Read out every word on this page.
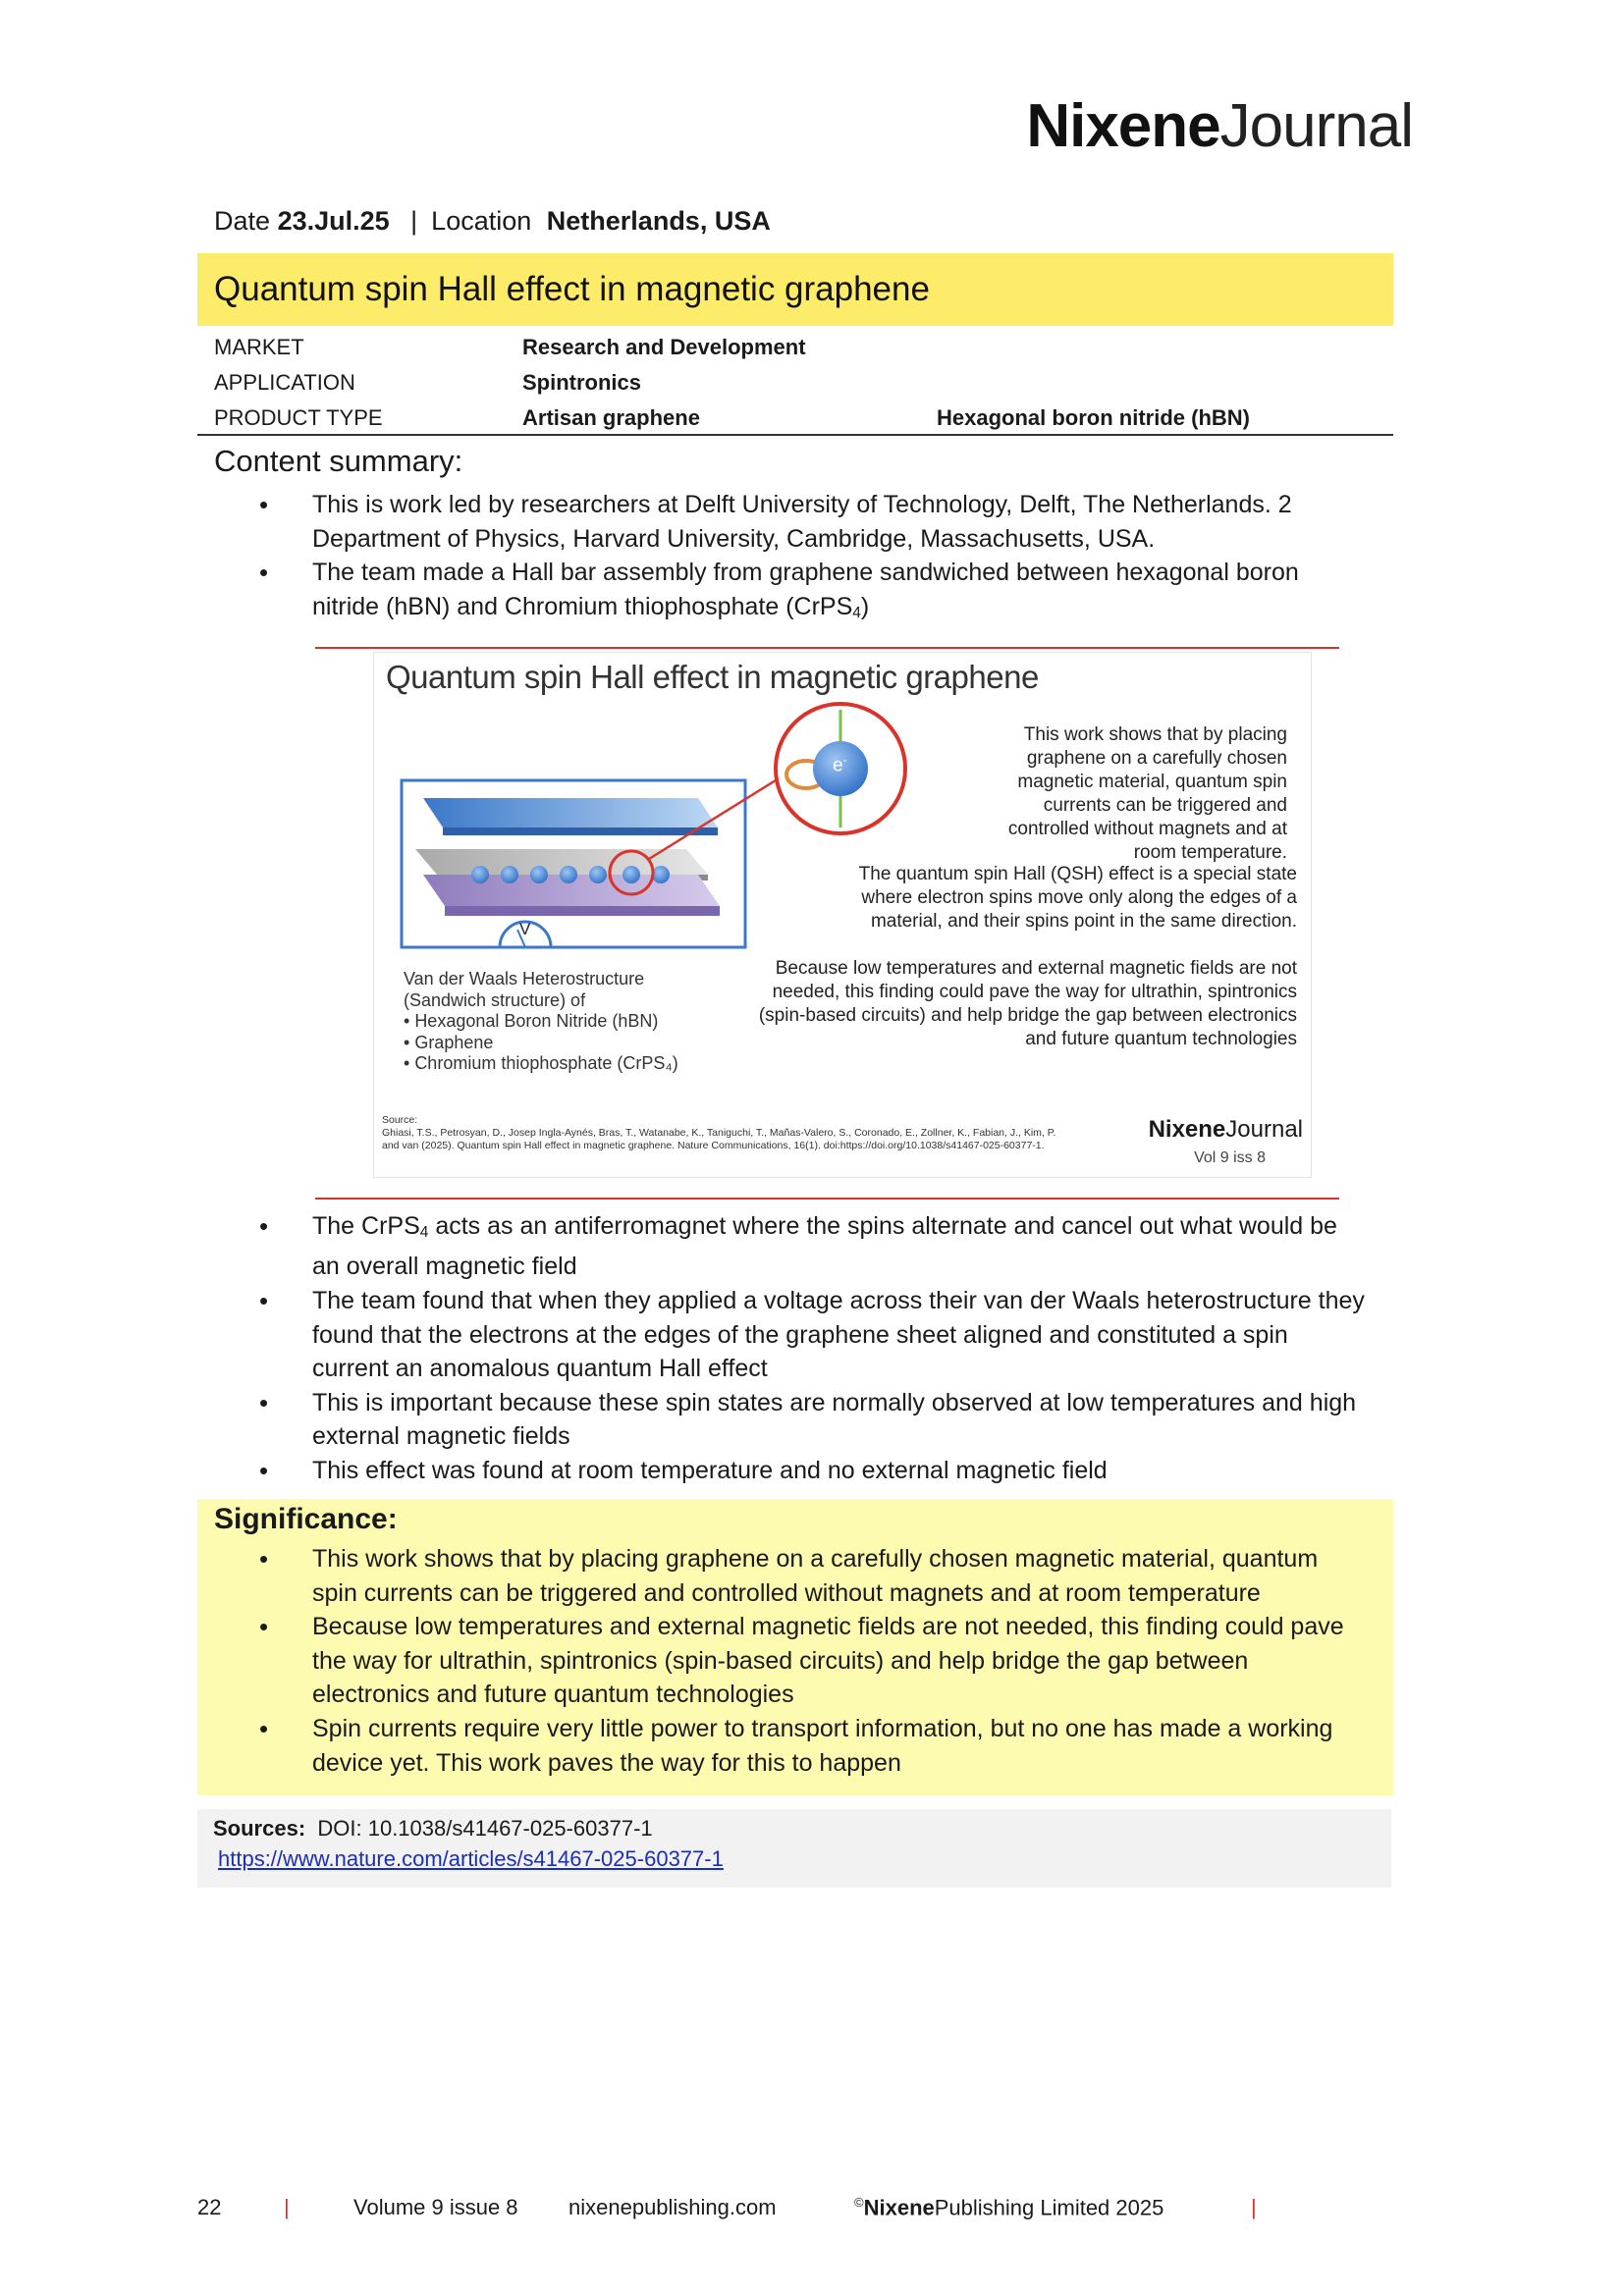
NixeneJournal
Date 23.Jul.25 | Location Netherlands, USA
Quantum spin Hall effect in magnetic graphene
MARKET	Research and Development
APPLICATION	Spintronics
PRODUCT TYPE	Artisan graphene	Hexagonal boron nitride (hBN)
Content summary:
• This is work led by researchers at Delft University of Technology, Delft, The Netherlands. 2 Department of Physics, Harvard University, Cambridge, Massachusetts, USA.
• The team made a Hall bar assembly from graphene sandwiched between hexagonal boron nitride (hBN) and Chromium thiophosphate (CrPS$_4$)
Quantum spin Hall effect in magnetic graphene
e-
V
This work shows that by placing graphene on a carefully chosen magnetic material, quantum spin currents can be triggered and controlled without magnets and at room temperature.
The quantum spin Hall (QSH) effect is a special state where electron spins move only along the edges of a material, and their spins point in the same direction.
Because low temperatures and external magnetic fields are not needed, this finding could pave the way for ultrathin, spintronics (spin-based circuits) and help bridge the gap between electronics and future quantum technologies
Van der Waals Heterostructure
(Sandwich structure) of
• Hexagonal Boron Nitride (hBN)
• Graphene
• Chromium thiophosphate (CrPS₄)
Source:
Ghiasi, T.S., Petrosyan, D., Josep Ingla-Aynés, Bras, T., Watanabe, K., Taniguchi, T., Mañas-Valero, S., Coronado, E., Zollner, K., Fabian, J., Kim, P. and van (2025). Quantum spin Hall effect in magnetic graphene. Nature Communications, 16(1). doi:https://doi.org/10.1038/s41467-025-60377-1.
NixeneJournal
Vol 9 iss 8
• The CrPS$_4$ acts as an antiferromagnet where the spins alternate and cancel out what would be an overall magnetic field
• The team found that when they applied a voltage across their van der Waals heterostructure they found that the electrons at the edges of the graphene sheet aligned and constituted a spin current an anomalous quantum Hall effect
• This is important because these spin states are normally observed at low temperatures and high external magnetic fields
• This effect was found at room temperature and no external magnetic field
Significance:
• This work shows that by placing graphene on a carefully chosen magnetic material, quantum spin currents can be triggered and controlled without magnets and at room temperature
• Because low temperatures and external magnetic fields are not needed, this finding could pave the way for ultrathin, spintronics (spin-based circuits) and help bridge the gap between electronics and future quantum technologies
• Spin currents require very little power to transport information, but no one has made a working device yet. This work paves the way for this to happen
Sources: DOI: 10.1038/s41467-025-60377-1
https://www.nature.com/articles/s41467-025-60377-1
22	|	Volume 9 issue 8 nixenepublishing.com	©NixenePublishing Limited 2025	|
